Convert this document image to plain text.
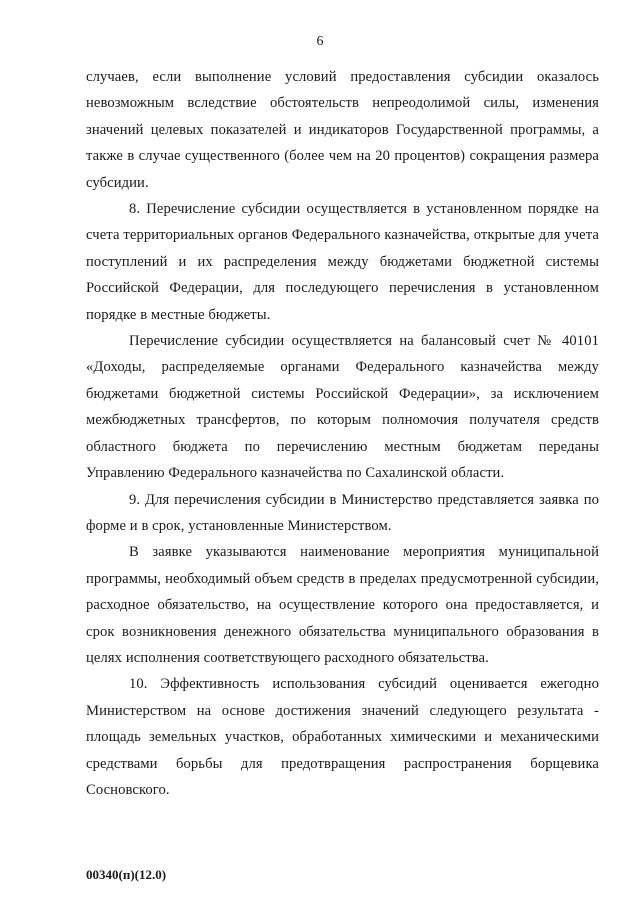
6

случаев, если выполнение условий предоставления субсидии оказалось невозможным вследствие обстоятельств непреодолимой силы, изменения значений целевых показателей и индикаторов Государственной программы, а также в случае существенного (более чем на 20 процентов) сокращения размера субсидии.

8. Перечисление субсидии осуществляется в установленном порядке на счета территориальных органов Федерального казначейства, открытые для учета поступлений и их распределения между бюджетами бюджетной системы Российской Федерации, для последующего перечисления в установленном порядке в местные бюджеты.

Перечисление субсидии осуществляется на балансовый счет № 40101 «Доходы, распределяемые органами Федерального казначейства между бюджетами бюджетной системы Российской Федерации», за исключением межбюджетных трансфертов, по которым полномочия получателя средств областного бюджета по перечислению местным бюджетам переданы Управлению Федерального казначейства по Сахалинской области.

9. Для перечисления субсидии в Министерство представляется заявка по форме и в срок, установленные Министерством.

В заявке указываются наименование мероприятия муниципальной программы, необходимый объем средств в пределах предусмотренной субсидии, расходное обязательство, на осуществление которого она предоставляется, и срок возникновения денежного обязательства муниципального образования в целях исполнения соответствующего расходного обязательства.

10. Эффективность использования субсидий оценивается ежегодно Министерством на основе достижения значений следующего результата - площадь земельных участков, обработанных химическими и механическими средствами борьбы для предотвращения распространения борщевика Сосновского.

00340(п)(12.0)
